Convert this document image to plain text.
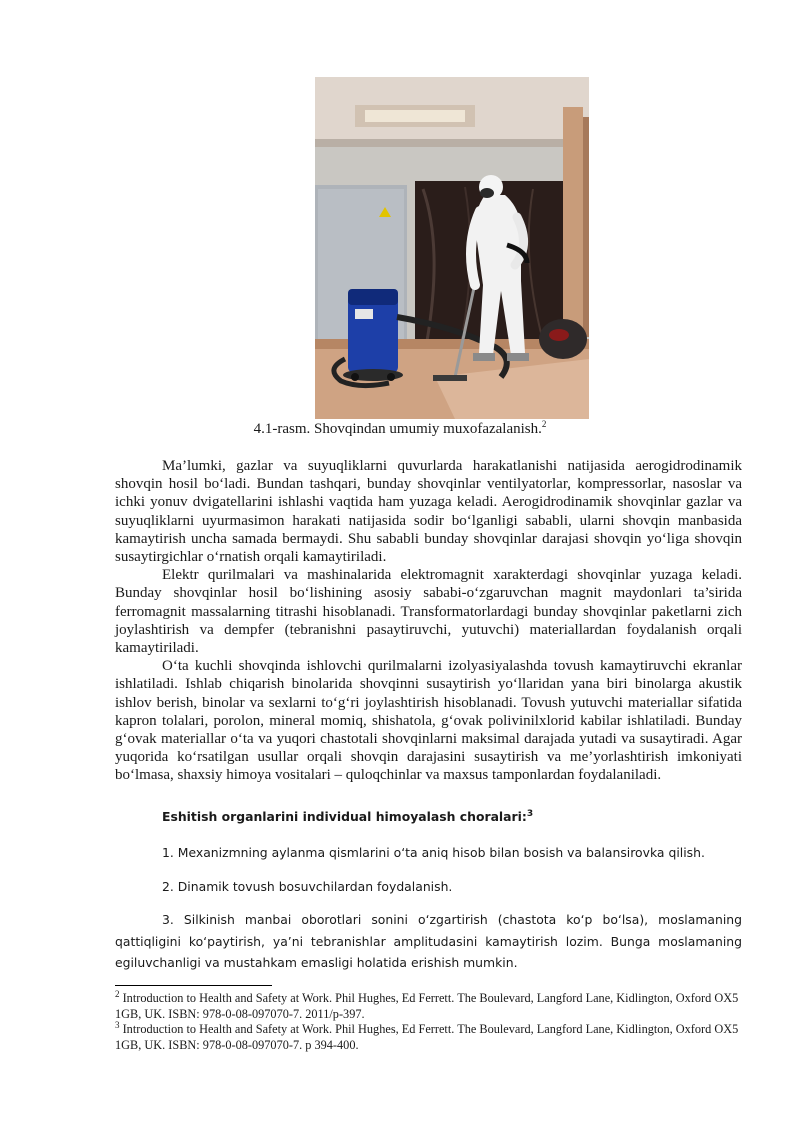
4.1-rasm. Shovqindan umumiy muxofazalanish.$^2$

Ma’lumki, gazlar va suyuqliklarni quvurlarda harakatlanishi natijasida aerogidrodinamik shovqin hosil bo‘ladi. Bundan tashqari, bunday shovqinlar ventilyatorlar, kompressorlar, nasoslar va ichki yonuv dvigatellarini ishlashi vaqtida ham yuzaga keladi. Aerogidrodinamik shovqinlar gazlar va suyuqliklarni uyurmasimon harakati natijasida sodir bo‘lganligi sababli, ularni shovqin manbasida kamaytirish uncha samada bermaydi. Shu sababli bunday shovqinlar darajasi shovqin yo‘liga shovqin susaytirgichlar o‘rnatish orqali kamaytiriladi.

Elektr qurilmalari va mashinalarida elektromagnit xarakterdagi shovqinlar yuzaga keladi. Bunday shovqinlar hosil bo‘lishining asosiy sababi-o‘zgaruvchan magnit maydonlari ta’sirida ferromagnit massalarning titrashi hisoblanadi. Transformatorlardagi bunday shovqinlar paketlarni zich joylashtirish va dempfer (tebranishni pasaytiruvchi, yutuvchi) materiallardan foydalanish orqali kamaytiriladi.

O‘ta kuchli shovqinda ishlovchi qurilmalarni izolyasiyalashda tovush kamaytiruvchi ekranlar ishlatiladi. Ishlab chiqarish binolarida shovqinni susaytirish yo‘llaridan yana biri binolarga akustik ishlov berish, binolar va sexlarni to‘g‘ri joylashtirish hisoblanadi. Tovush yutuvchi materiallar sifatida kapron tolalari, porolon, mineral momiq, shishatola, g‘ovak polivinilxlorid kabilar ishlatiladi. Bunday g‘ovak materiallar o‘ta va yuqori chastotali shovqinlarni maksimal darajada yutadi va susaytiradi. Agar yuqorida ko‘rsatilgan usullar orqali shovqin darajasini susaytirish va me’yorlashtirish imkoniyati bo‘lmasa, shaxsiy himoya vositalari – quloqchinlar va maxsus tamponlardan foydalaniladi.

Eshitish organlarini individual himoyalash choralari:$^3$
1. Mexanizmning aylanma qismlarini o‘ta aniq hisob bilan bosish va balansirovka qilish.
2. Dinamik tovush bosuvchilardan foydalanish.
3. Silkinish manbai oborotlari sonini o‘zgartirish (chastota ko‘p bo‘lsa), moslamaning qattiqligini ko‘paytirish, ya’ni tebranishlar amplitudasini kamaytirish lozim. Bunga moslamaning egiluvchanligi va mustahkam emasligi holatida erishish mumkin.
$^2$ Introduction to Health and Safety at Work. Phil Hughes, Ed Ferrett. The Boulevard, Langford Lane, Kidlington, Oxford OX5 1GB, UK. ISBN: 978-0-08-097070-7. 2011/p-397.
$^3$ Introduction to Health and Safety at Work. Phil Hughes, Ed Ferrett. The Boulevard, Langford Lane, Kidlington, Oxford OX5 1GB, UK. ISBN: 978-0-08-097070-7. p 394-400.
